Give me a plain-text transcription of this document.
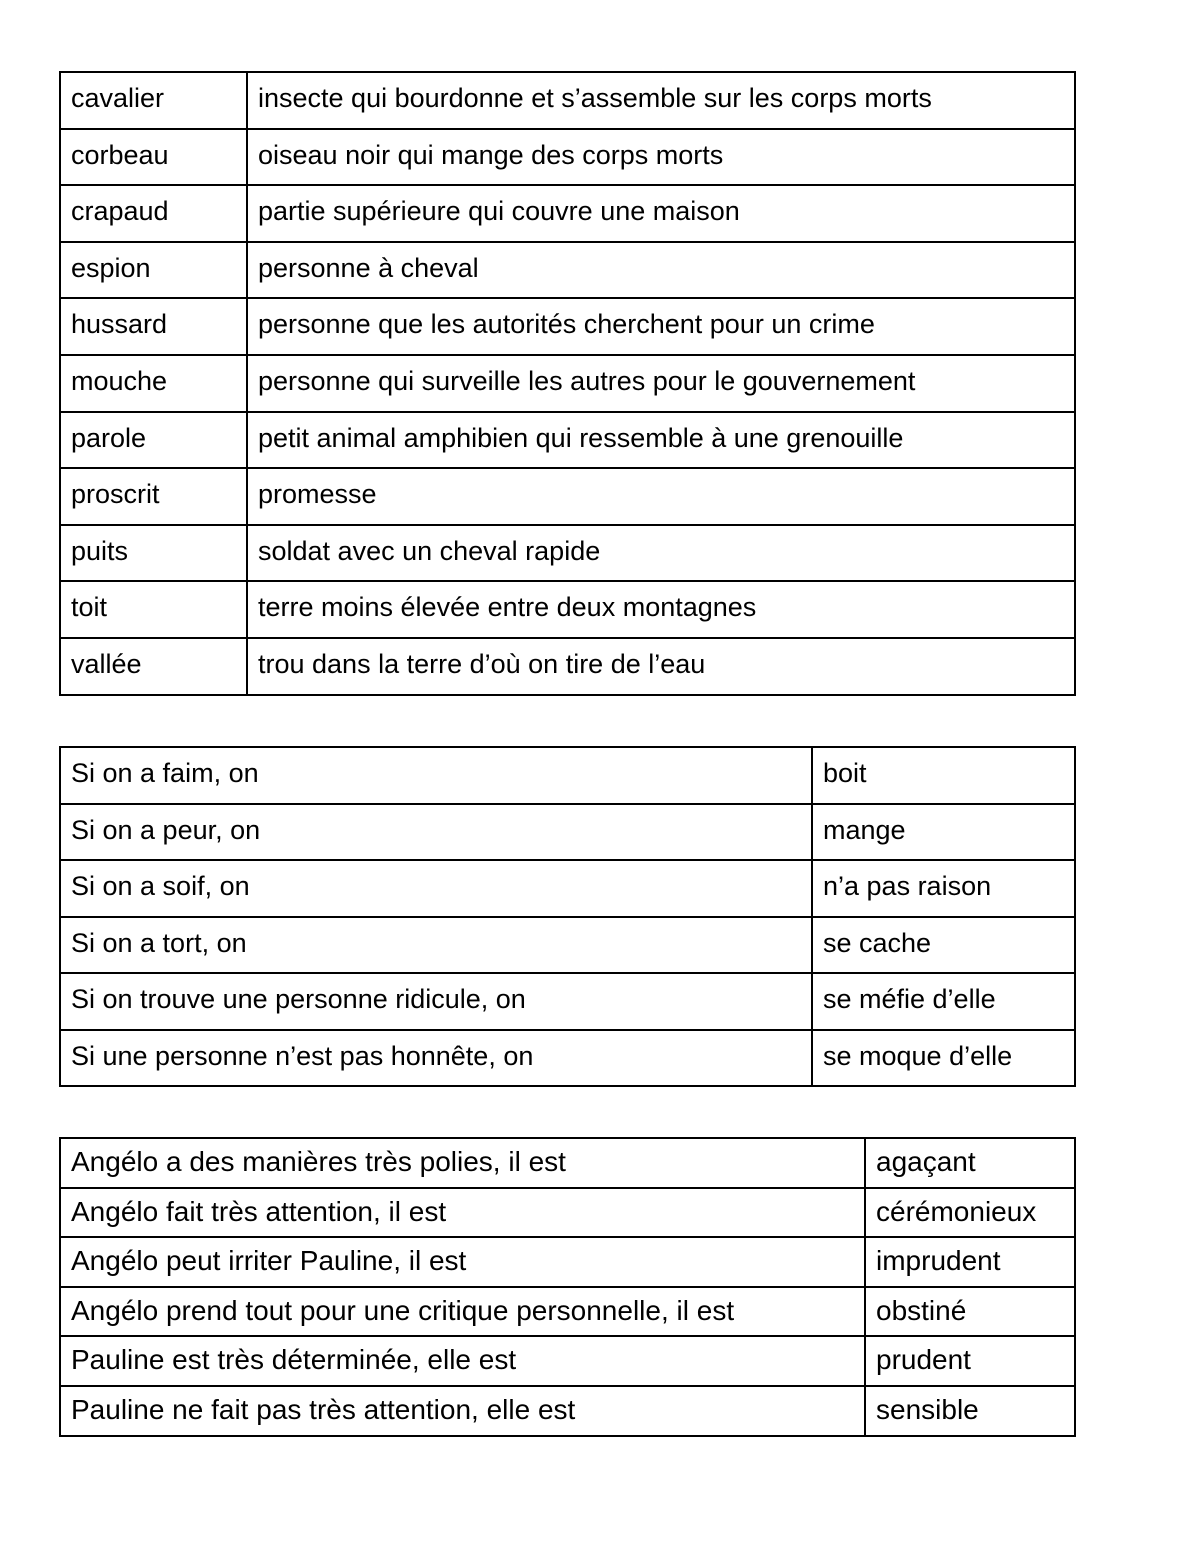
cavalier	insecte qui bourdonne et s’assemble sur les corps morts
corbeau	oiseau noir qui mange des corps morts
crapaud	partie supérieure qui couvre une maison
espion	personne à cheval
hussard	personne que les autorités cherchent pour un crime
mouche	personne qui surveille les autres pour le gouvernement
parole	petit animal amphibien qui ressemble à une grenouille
proscrit	promesse
puits	soldat avec un cheval rapide
toit	terre moins élevée entre deux montagnes
vallée	trou dans la terre d’où on tire de l’eau
Si on a faim, on	boit
Si on a peur, on	mange
Si on a soif, on	n’a pas raison
Si on a tort, on	se cache
Si on trouve une personne ridicule, on	se méfie d’elle
Si une personne n’est pas honnête, on	se moque d’elle
Angélo a des manières très polies, il est	agaçant
Angélo fait très attention, il est	cérémonieux
Angélo peut irriter Pauline, il est	imprudent
Angélo prend tout pour une critique personnelle, il est	obstiné
Pauline est très déterminée, elle est	prudent
Pauline ne fait pas très attention, elle est	sensible
